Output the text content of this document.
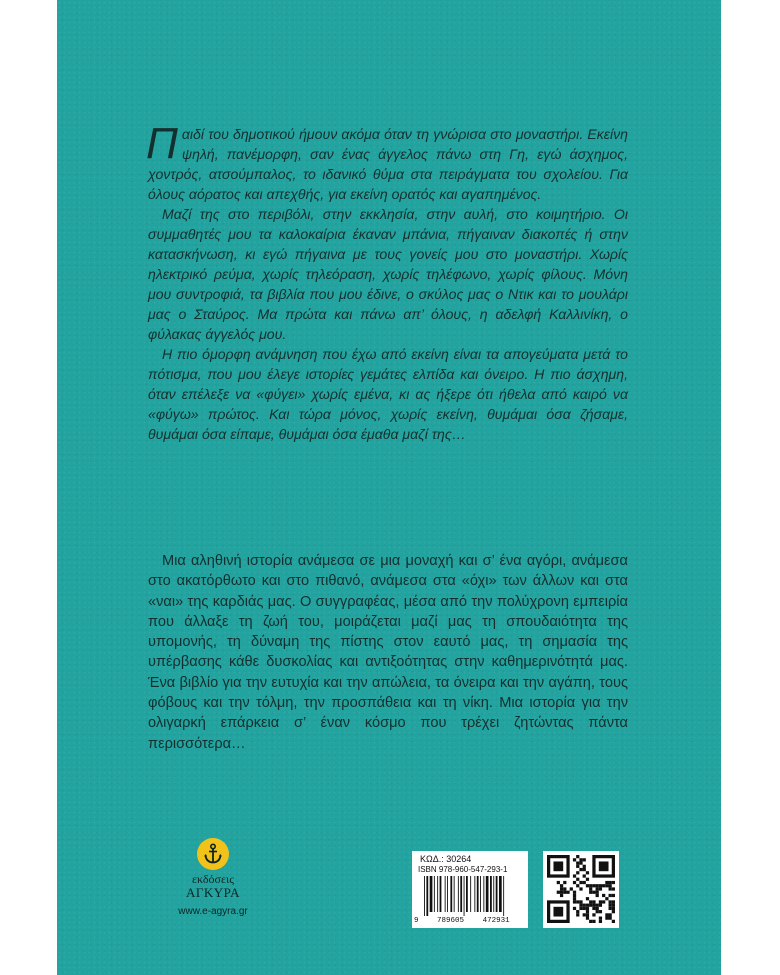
Παιδί του δημοτικού ήμουν ακόμα όταν τη γνώρισα στο μοναστήρι. Εκείνη ψηλή, πανέμορφη, σαν ένας άγγελος πάνω στη Γη, εγώ άσχημος, χοντρός, ατσούμπαλος, το ιδανικό θύμα στα πειράγματα του σχολείου. Για όλους αόρατος και απεχθής, για εκείνη ορατός και αγαπημένος.

Μαζί της στο περιβόλι, στην εκκλησία, στην αυλή, στο κοιμητήριο. Οι συμμαθητές μου τα καλοκαίρια έκαναν μπάνια, πήγαιναν διακοπές ή στην κατασκήνωση, κι εγώ πήγαινα με τους γονείς μου στο μοναστήρι. Χωρίς ηλεκτρικό ρεύμα, χωρίς τηλεόραση, χωρίς τηλέφωνο, χωρίς φίλους. Μόνη μου συντροφιά, τα βιβλία που μου έδινε, ο σκύλος μας ο Ντικ και το μουλάρι μας ο Σταύρος. Μα πρώτα και πάνω απ’ όλους, η αδελφή Καλλινίκη, ο φύλακας άγγελός μου.

Η πιο όμορφη ανάμνηση που έχω από εκείνη είναι τα απογεύματα μετά το πότισμα, που μου έλεγε ιστορίες γεμάτες ελπίδα και όνειρο. Η πιο άσχημη, όταν επέλεξε να «φύγει» χωρίς εμένα, κι ας ήξερε ότι ήθελα από καιρό να «φύγω» πρώτος. Και τώρα μόνος, χωρίς εκείνη, θυμάμαι όσα ζήσαμε, θυμάμαι όσα είπαμε, θυμάμαι όσα έμαθα μαζί της…

Μια αληθινή ιστορία ανάμεσα σε μια μοναχή και σ’ ένα αγόρι, ανάμεσα στο ακατόρθωτο και στο πιθανό, ανάμεσα στα «όχι» των άλλων και στα «ναι» της καρδιάς μας. Ο συγγραφέας, μέσα από την πολύχρονη εμπειρία που άλλαξε τη ζωή του, μοιράζεται μαζί μας τη σπουδαιότητα της υπομονής, τη δύναμη της πίστης στον εαυτό μας, τη σημασία της υπέρβασης κάθε δυσκολίας και αντιξοότητας στην καθημερινότητά μας. Ένα βιβλίο για την ευτυχία και την απώλεια, τα όνειρα και την αγάπη, τους φόβους και την τόλμη, την προσπάθεια και τη νίκη. Μια ιστορία για την ολιγαρκή επάρκεια σ’ έναν κόσμο που τρέχει ζητώντας πάντα περισσότερα…

εκδόσεις
ΑΓΚΥΡΑ
www.e-agyra.gr
ΚΩΔ.: 30264
ISBN 978-960-547-293-1
9 789605 472931
